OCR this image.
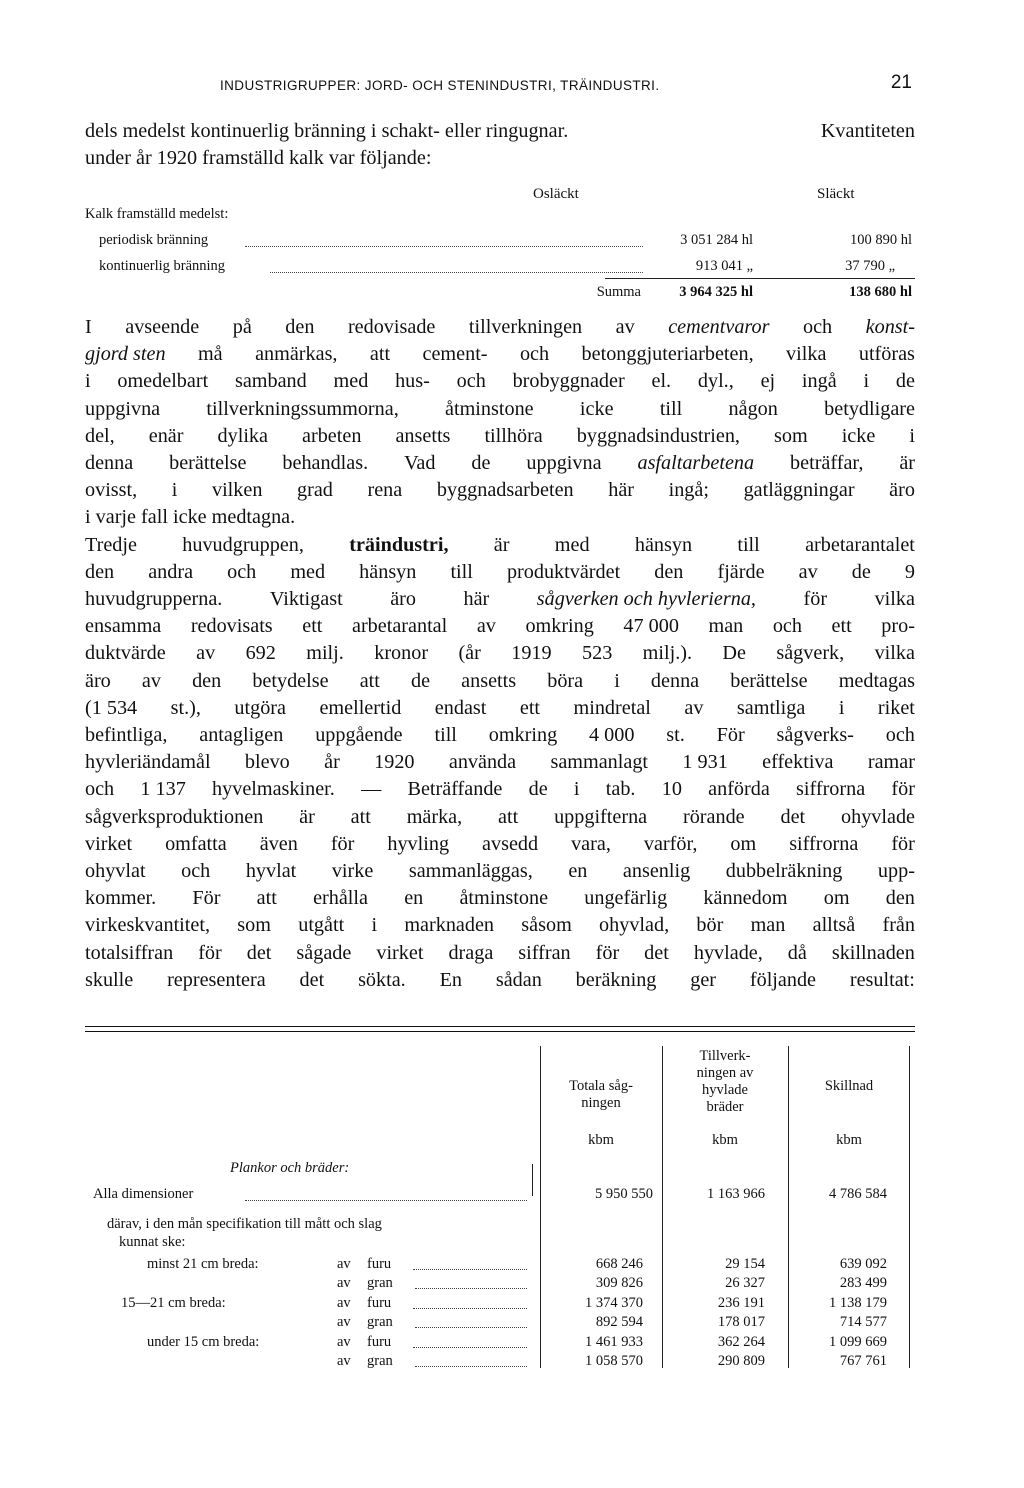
INDUSTRIGRUPPER: JORD- OCH STENINDUSTRI, TRÄINDUSTRI.	21
dels medelst kontinuerlig bränning i schakt- eller ringugnar.	Kvantiteten
under år 1920 framställd kalk var följande:
Osläckt	Släckt
Kalk framställd medelst:
periodisk bränning	3 051 284 hl	100 890 hl
kontinuerlig bränning	913 041 „	37 790 „
Summa	3 964 325 hl	138 680 hl
I avseende på den redovisade tillverkningen av cementvaror och konst-
gjord sten må anmärkas, att cement- och betonggjuteriarbeten, vilka utföras
i omedelbart samband med hus- och brobyggnader el. dyl., ej ingå i de
uppgivna tillverkningssummorna, åtminstone icke till någon betydligare
del, enär dylika arbeten ansetts tillhöra byggnadsindustrien, som icke i
denna berättelse behandlas. Vad de uppgivna asfaltarbetena beträffar, är
ovisst, i vilken grad rena byggnadsarbeten här ingå; gatläggningar äro
i varje fall icke medtagna.
Tredje huvudgruppen, träindustri, är med hänsyn till arbetarantalet
den andra och med hänsyn till produktvärdet den fjärde av de 9
huvudgrupperna. Viktigast äro här sågverken och hyvlerierna, för vilka
ensamma redovisats ett arbetarantal av omkring 47 000 man och ett pro-
duktvärde av 692 milj. kronor (år 1919 523 milj.). De sågverk, vilka
äro av den betydelse att de ansetts böra i denna berättelse medtagas
(1 534 st.), utgöra emellertid endast ett mindretal av samtliga i riket
befintliga, antagligen uppgående till omkring 4 000 st. För sågverks- och
hyvleriändamål blevo år 1920 använda sammanlagt 1 931 effektiva ramar
och 1 137 hyvelmaskiner. — Beträffande de i tab. 10 anförda siffrorna för
sågverksproduktionen är att märka, att uppgifterna rörande det ohyvlade
virket omfatta även för hyvling avsedd vara, varför, om siffrorna för
ohyvlat och hyvlat virke sammanläggas, en ansenlig dubbelräkning upp-
kommer. För att erhålla en åtminstone ungefärlig kännedom om den
virkeskvantitet, som utgått i marknaden såsom ohyvlad, bör man alltså från
totalsiffran för det sågade virket draga siffran för det hyvlade, då skillnaden
skulle representera det sökta. En sådan beräkning ger följande resultat:
Totala såg-
ningen
Tillverk-
ningen av
hyvlade
bräder
Skillnad
kbm	kbm	kbm
Plankor och bräder:
Alla dimensioner	5 950 550	1 163 966	4 786 584
därav, i den mån specifikation till mått och slag
kunnat ske:
minst 21 cm breda:	av furu	668 246	29 154	639 092
av gran	309 826	26 327	283 499
15—21 cm breda:	av furu	1 374 370	236 191	1 138 179
av gran	892 594	178 017	714 577
under 15 cm breda:	av furu	1 461 933	362 264	1 099 669
av gran	1 058 570	290 809	767 761
